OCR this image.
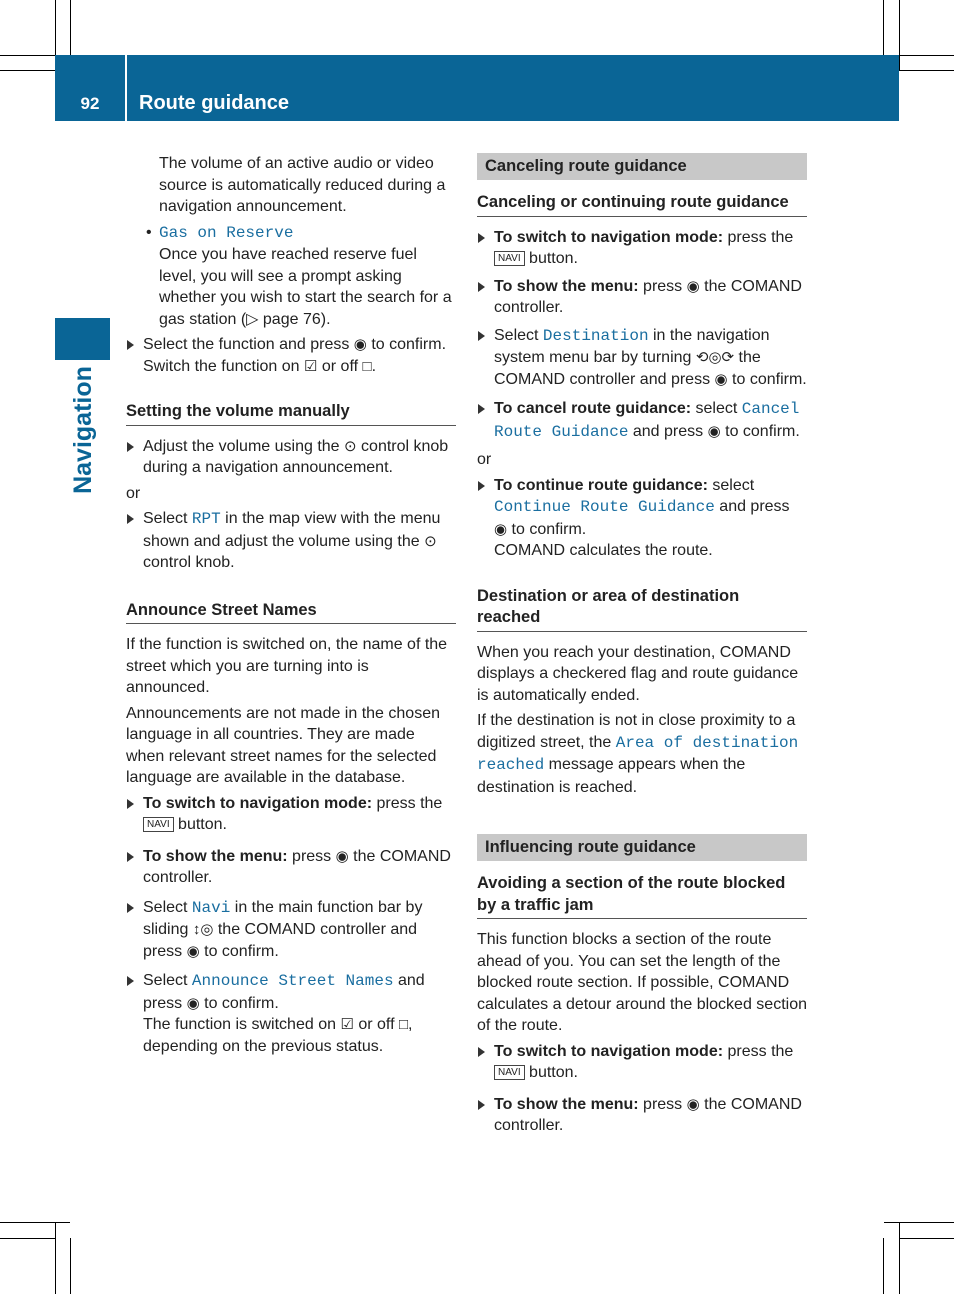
92	Route guidance
Navigation

The volume of an active audio or video source is automatically reduced during a navigation announcement.

• Gas on Reserve

Once you have reached reserve fuel level, you will see a prompt asking whether you wish to start the search for a gas station (▷ page 76).

Select the function and press ◉ to confirm.
Switch the function on ☑ or off □.
Setting the volume manually
Adjust the volume using the ⊙ control knob during a navigation announcement.

or

Select RPT in the map view with the menu shown and adjust the volume using the ⊙ control knob.
Announce Street Names

If the function is switched on, the name of the street which you are turning into is announced.

Announcements are not made in the chosen language in all countries. They are made when relevant street names for the selected language are available in the database.

To switch to navigation mode: press the
NAVI button.
To show the menu: press ◉ the COMAND controller.
Select Navi in the main function bar by sliding ↕◎ the COMAND controller and press ◉ to confirm.
Select Announce Street Names and press ◉ to confirm.
The function is switched on ☑ or off □, depending on the previous status.
Canceling route guidance
Canceling or continuing route guidance
To switch to navigation mode: press the
NAVI button.
To show the menu: press ◉ the COMAND controller.
Select Destination in the navigation system menu bar by turning ⟲◎⟳ the COMAND controller and press ◉ to confirm.
To cancel route guidance: select Cancel Route Guidance and press ◉ to confirm.

or

To continue route guidance: select Continue Route Guidance and press ◉ to confirm.
COMAND calculates the route.
Destination or area of destination reached

When you reach your destination, COMAND displays a checkered flag and route guidance is automatically ended.

If the destination is not in close proximity to a digitized street, the Area of destination reached message appears when the destination is reached.

Influencing route guidance
Avoiding a section of the route blocked by a traffic jam

This function blocks a section of the route ahead of you. You can set the length of the blocked route section. If possible, COMAND calculates a detour around the blocked section of the route.

To switch to navigation mode: press the
NAVI button.
To show the menu: press ◉ the COMAND controller.
